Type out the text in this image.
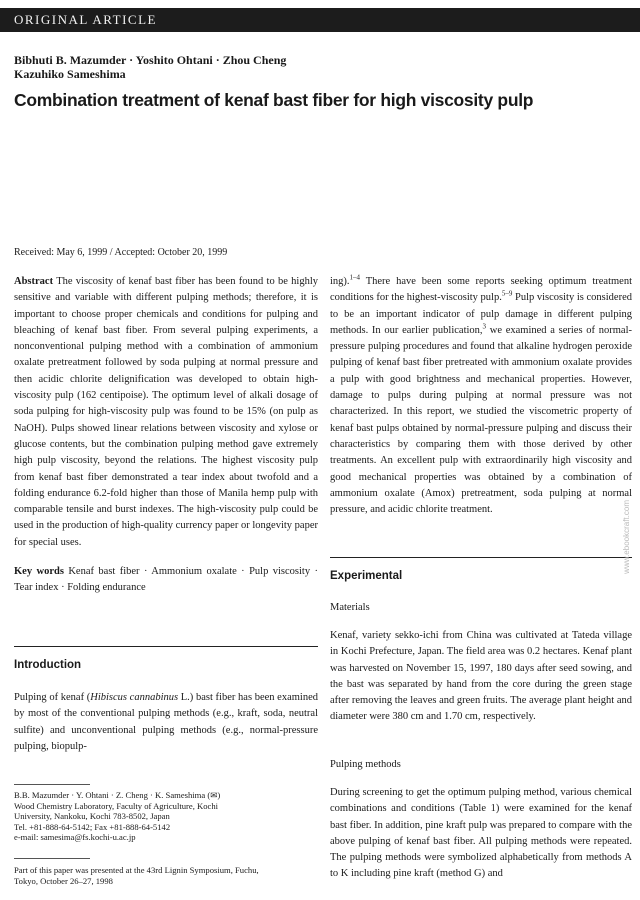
ORIGINAL ARTICLE
Bibhuti B. Mazumder · Yoshito Ohtani · Zhou Cheng
Kazuhiko Sameshima
Combination treatment of kenaf bast fiber for high viscosity pulp
Received: May 6, 1999 / Accepted: October 20, 1999

Abstract The viscosity of kenaf bast fiber has been found to be highly sensitive and variable with different pulping methods; therefore, it is important to choose proper chemicals and conditions for pulping and bleaching of kenaf bast fiber. From several pulping experiments, a nonconventional pulping method with a combination of ammonium oxalate pretreatment followed by soda pulping at normal pressure and then acidic chlorite delignification was developed to obtain high-viscosity pulp (162 centipoise). The optimum level of alkali dosage of soda pulping for high-viscosity pulp was found to be 15% (on pulp as NaOH). Pulps showed linear relations between viscosity and xylose or glucose contents, but the combination pulping method gave extremely high pulp viscosity, beyond the relations. The highest viscosity pulp from kenaf bast fiber demonstrated a tear index about twofold and a folding endurance 6.2-fold higher than those of Manila hemp pulp with comparable tensile and burst indexes. The high-viscosity pulp could be used in the production of high-quality currency paper or longevity paper for special uses.

Key words Kenaf bast fiber · Ammonium oxalate · Pulp viscosity · Tear index · Folding endurance

Introduction

Pulping of kenaf (Hibiscus cannabinus L.) bast fiber has been examined by most of the conventional pulping methods (e.g., kraft, soda, neutral sulfite) and unconventional pulping methods (e.g., normal-pressure pulping, biopulp-

B.B. Mazumder · Y. Ohtani · Z. Cheng · K. Sameshima (✉)
Wood Chemistry Laboratory, Faculty of Agriculture, Kochi
University, Nankoku, Kochi 783-8502, Japan
Tel. +81-888-64-5142; Fax +81-888-64-5142
e-mail: samesima@fs.kochi-u.ac.jp
Part of this paper was presented at the 43rd Lignin Symposium, Fuchu,
Tokyo, October 26–27, 1998

ing).$^{1-4}$ There have been some reports seeking optimum treatment conditions for the highest-viscosity pulp.$^{5-9}$ Pulp viscosity is considered to be an important indicator of pulp damage in different pulping methods. In our earlier publication,$^3$ we examined a series of normal-pressure pulping procedures and found that alkaline hydrogen peroxide pulping of kenaf bast fiber pretreated with ammonium oxalate provides a pulp with good brightness and mechanical properties. However, damage to pulps during pulping at normal pressure was not characterized. In this report, we studied the viscometric property of kenaf bast pulps obtained by normal-pressure pulping and discuss their characteristics by comparing them with those derived by other treatments. An excellent pulp with extraordinarily high viscosity and good mechanical properties was obtained by a combination of ammonium oxalate (Amox) pretreatment, soda pulping at normal pressure, and acidic chlorite treatment.

Experimental
Materials

Kenaf, variety sekko-ichi from China was cultivated at Tateda village in Kochi Prefecture, Japan. The field area was 0.2 hectares. Kenaf plant was harvested on November 15, 1997, 180 days after seed sowing, and the bast was separated by hand from the core during the green stage after removing the leaves and green fruits. The average plant height and diameter were 380 cm and 1.70 cm, respectively.

Pulping methods

During screening to get the optimum pulping method, various chemical combinations and conditions (Table 1) were examined for the kenaf bast fiber. In addition, pine kraft pulp was prepared to compare with the above pulping of kenaf bast fiber. All pulping methods were repeated. The pulping methods were symbolized alphabetically from methods A to K including pine kraft (method G) and

www.ebookcraft.com
